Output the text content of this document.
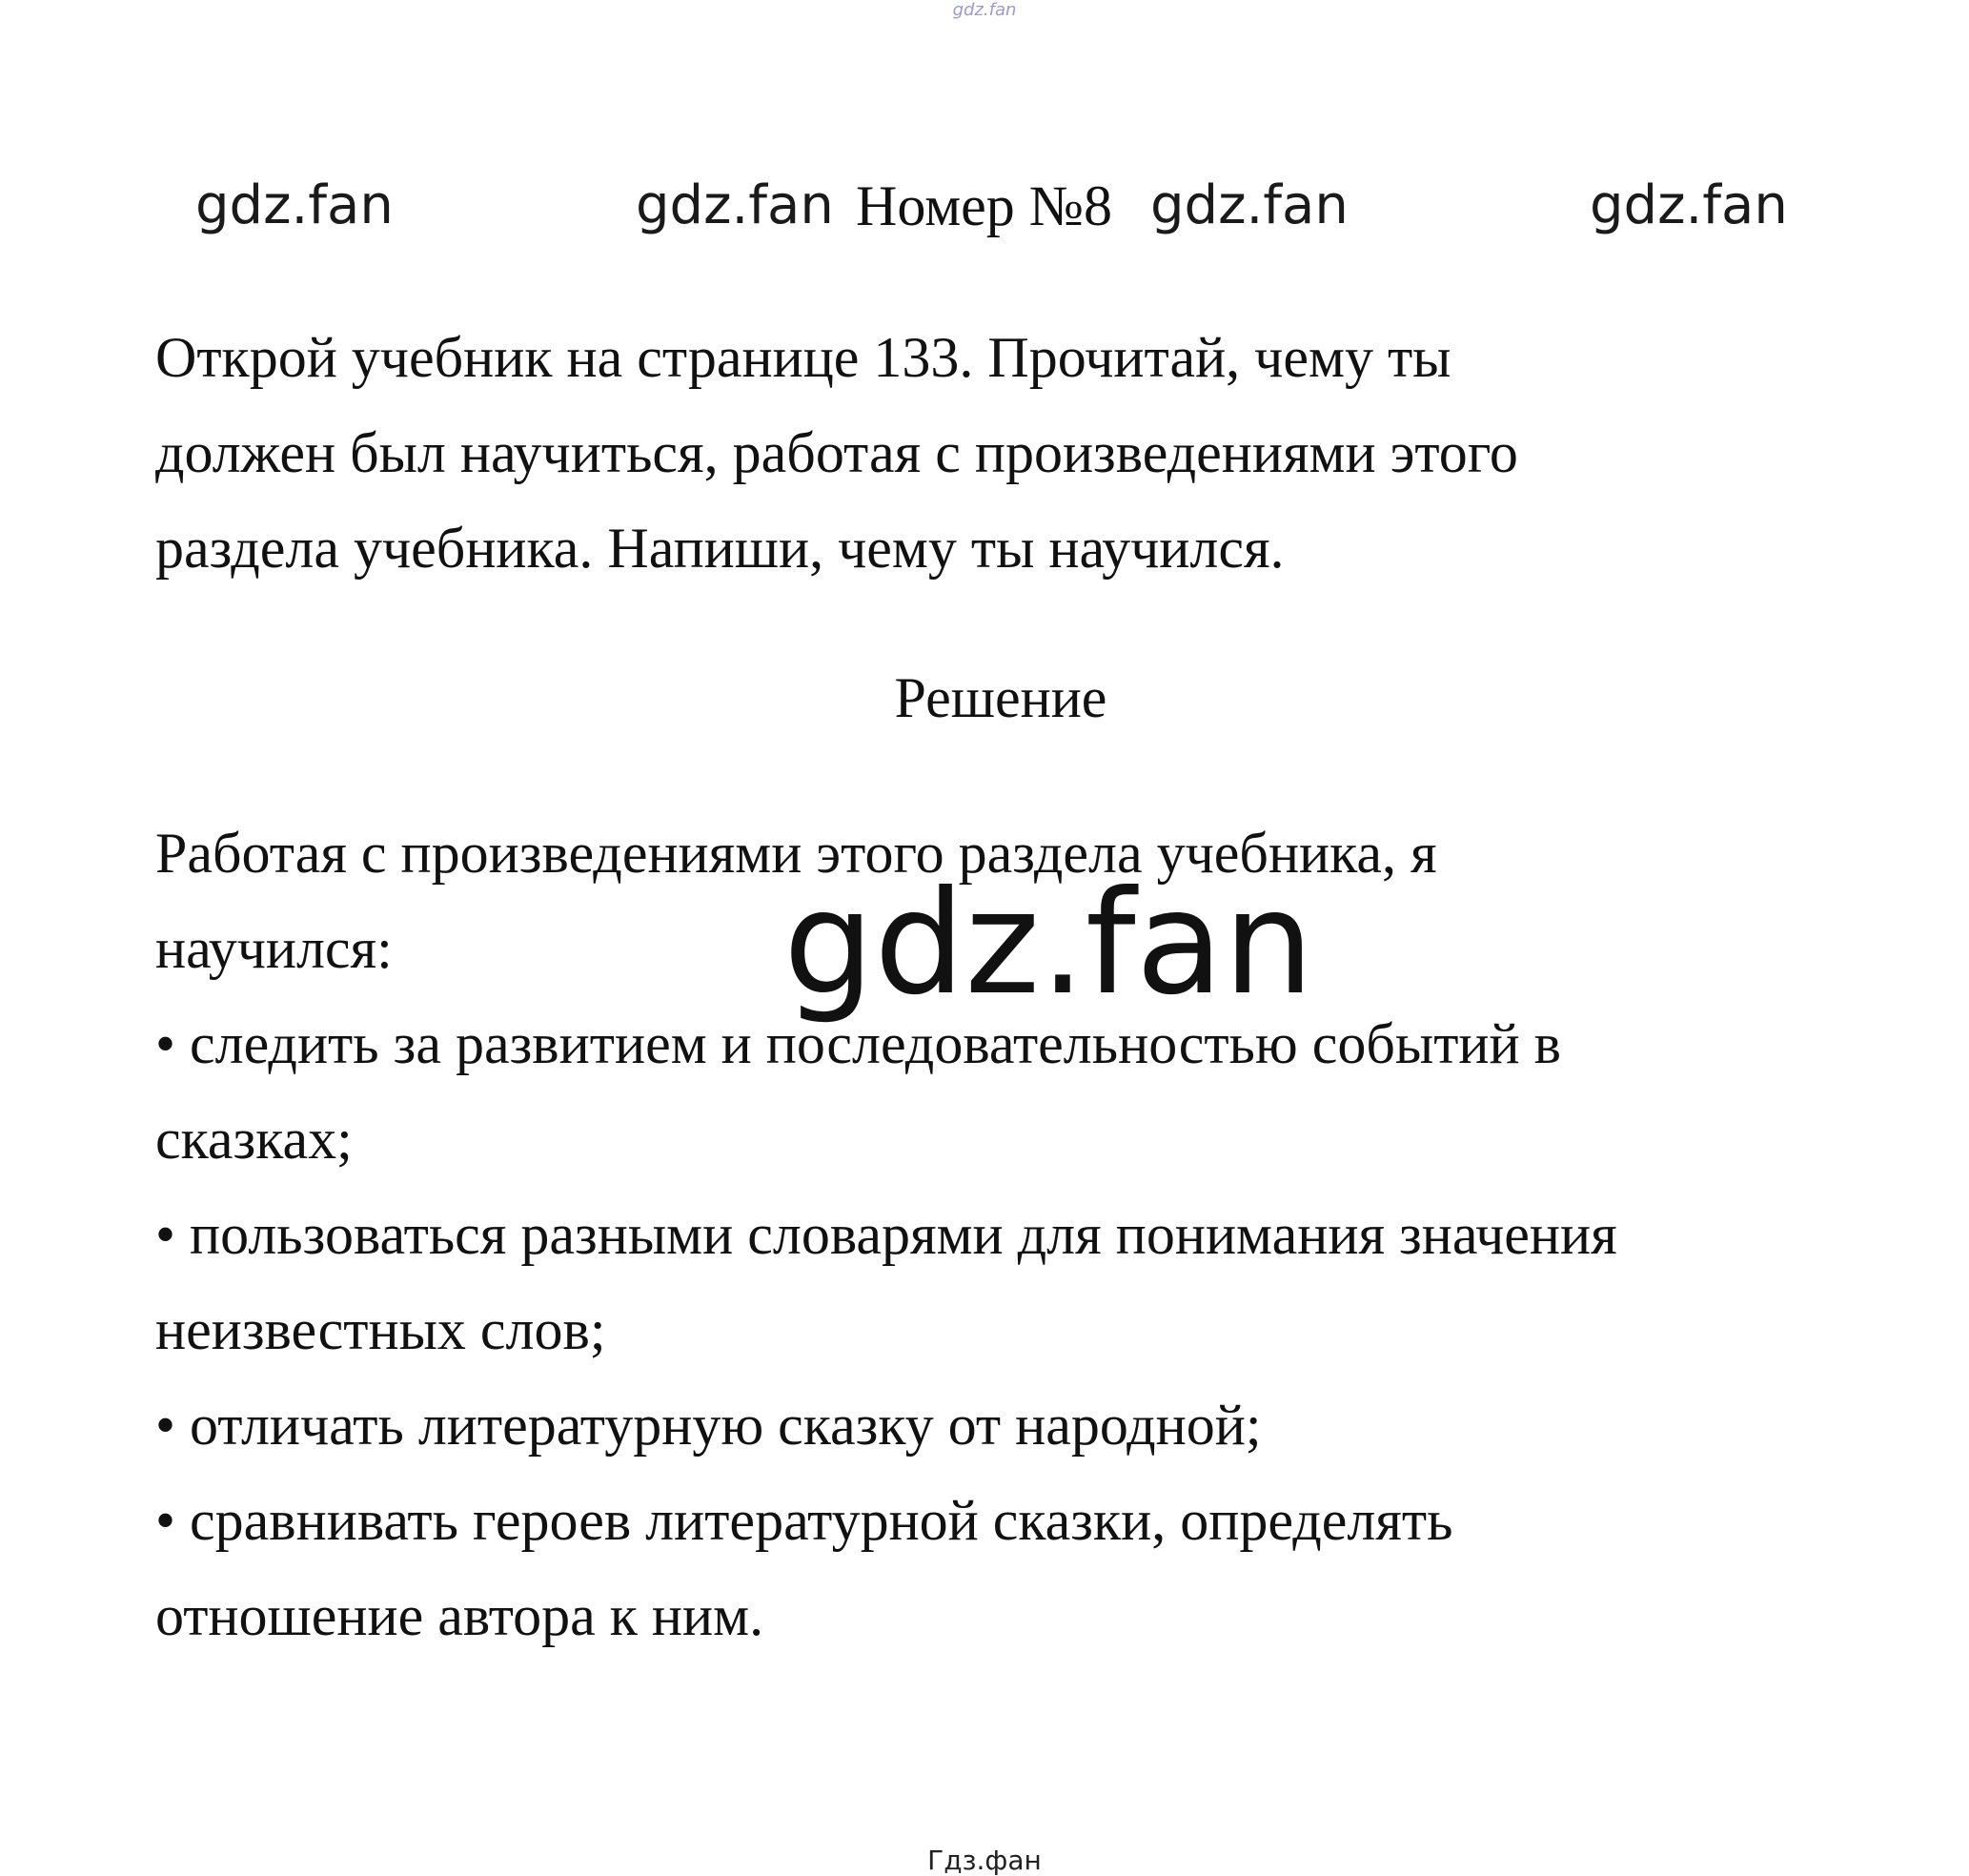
gdz.fan
gdz.fan	gdz.fan Номер №8 gdz.fan	gdz.fan
Открой учебник на странице 133. Прочитай, чему ты
должен был научиться, работая с произведениями этого
раздела учебника. Напиши, чему ты научился.
Решение
Работая с произведениями этого раздела учебника, я
научился:
• следить за развитием и последовательностью событий в
сказках;
• пользоваться разными словарями для понимания значения
неизвестных слов;
• отличать литературную сказку от народной;
• сравнивать героев литературной сказки, определять
отношение автора к ним.
gdz.fan
Гдз.фан
